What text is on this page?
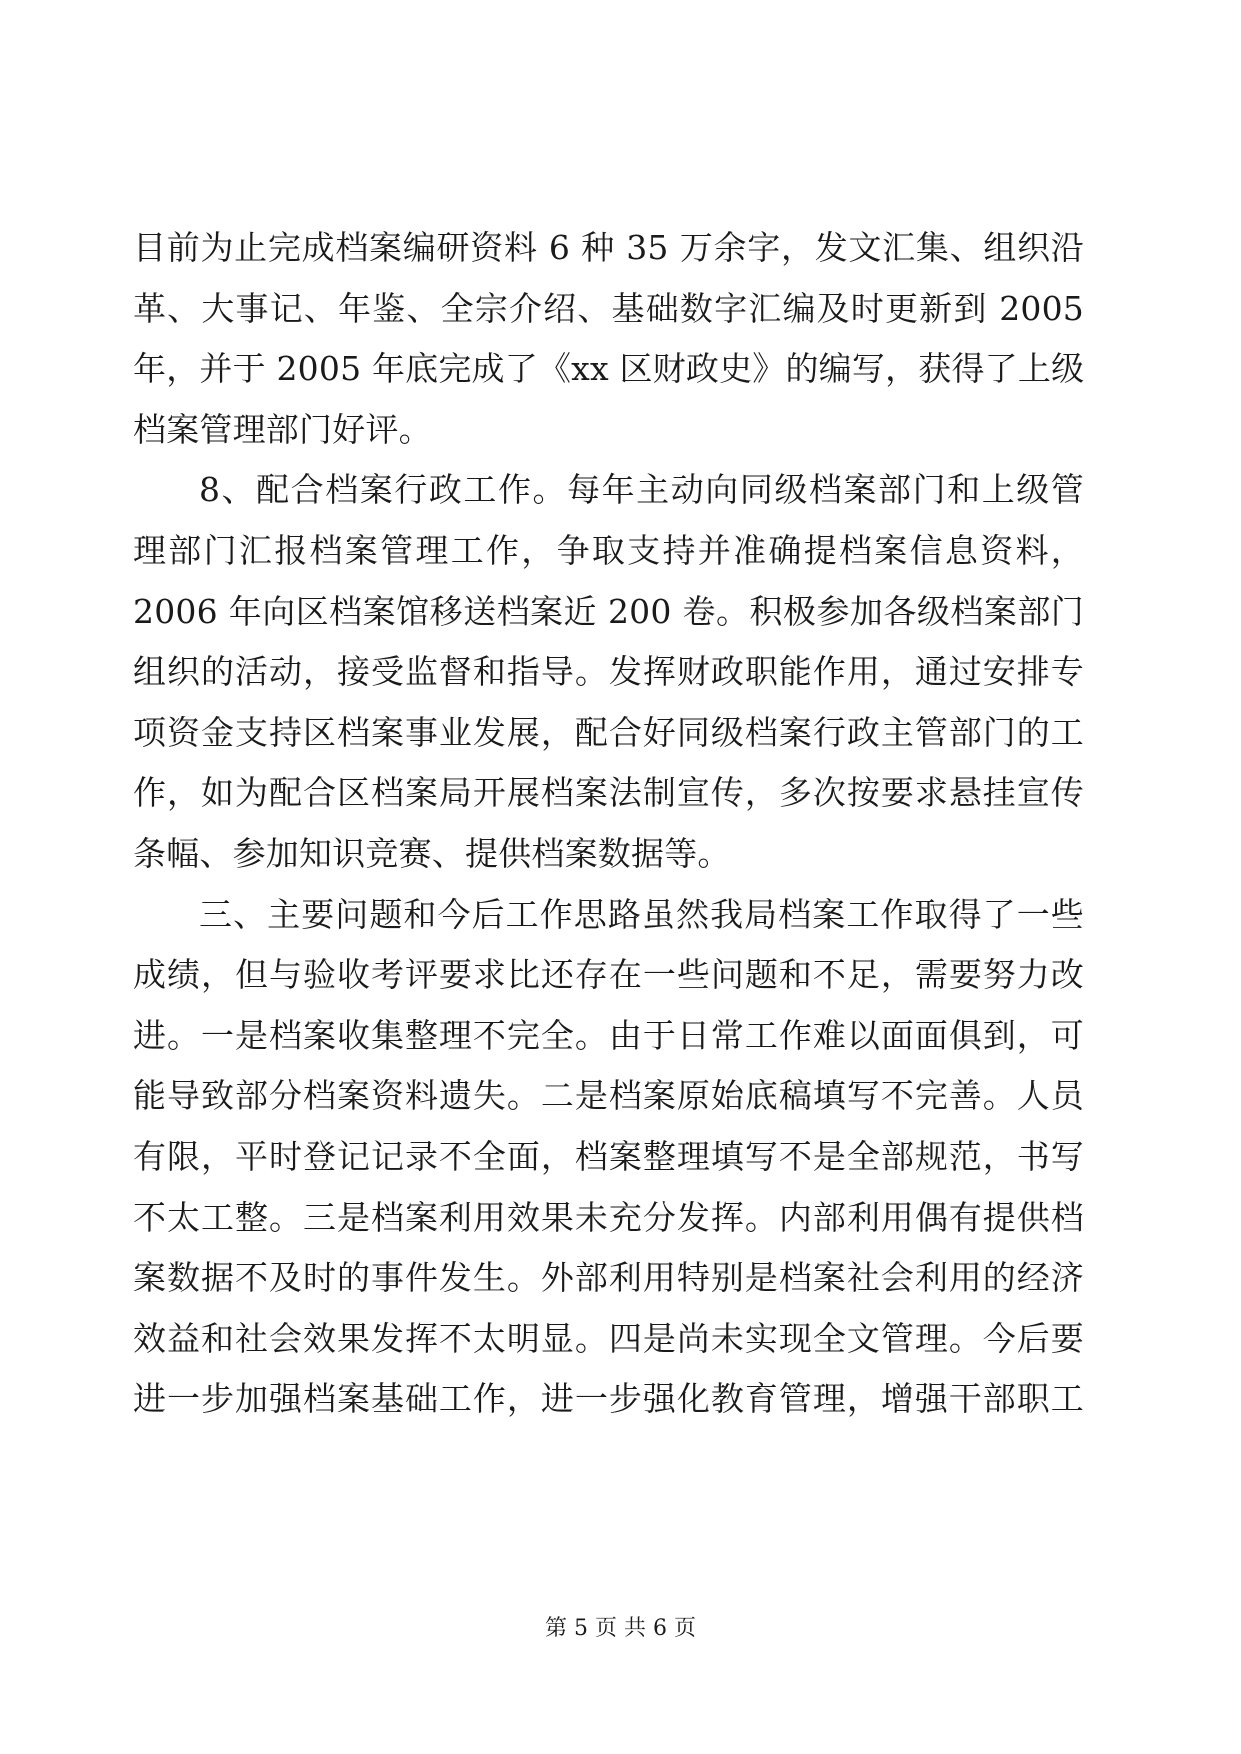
目前为止完成档案编研资料 6 种 35 万余字，发文汇集、组织沿
革、大事记、年鉴、全宗介绍、基础数字汇编及时更新到 2005
年，并于 2005 年底完成了《xx 区财政史》的编写，获得了上级
档案管理部门好评。
8、配合档案行政工作。每年主动向同级档案部门和上级管
理部门汇报档案管理工作，争取支持并准确提档案信息资料，
2006 年向区档案馆移送档案近 200 卷。积极参加各级档案部门
组织的活动，接受监督和指导。发挥财政职能作用，通过安排专
项资金支持区档案事业发展，配合好同级档案行政主管部门的工
作，如为配合区档案局开展档案法制宣传，多次按要求悬挂宣传
条幅、参加知识竞赛、提供档案数据等。
三、主要问题和今后工作思路虽然我局档案工作取得了一些
成绩，但与验收考评要求比还存在一些问题和不足，需要努力改
进。一是档案收集整理不完全。由于日常工作难以面面俱到，可
能导致部分档案资料遗失。二是档案原始底稿填写不完善。人员
有限，平时登记记录不全面，档案整理填写不是全部规范，书写
不太工整。三是档案利用效果未充分发挥。内部利用偶有提供档
案数据不及时的事件发生。外部利用特别是档案社会利用的经济
效益和社会效果发挥不太明显。四是尚未实现全文管理。今后要
进一步加强档案基础工作，进一步强化教育管理，增强干部职工
第 5 页 共 6 页
